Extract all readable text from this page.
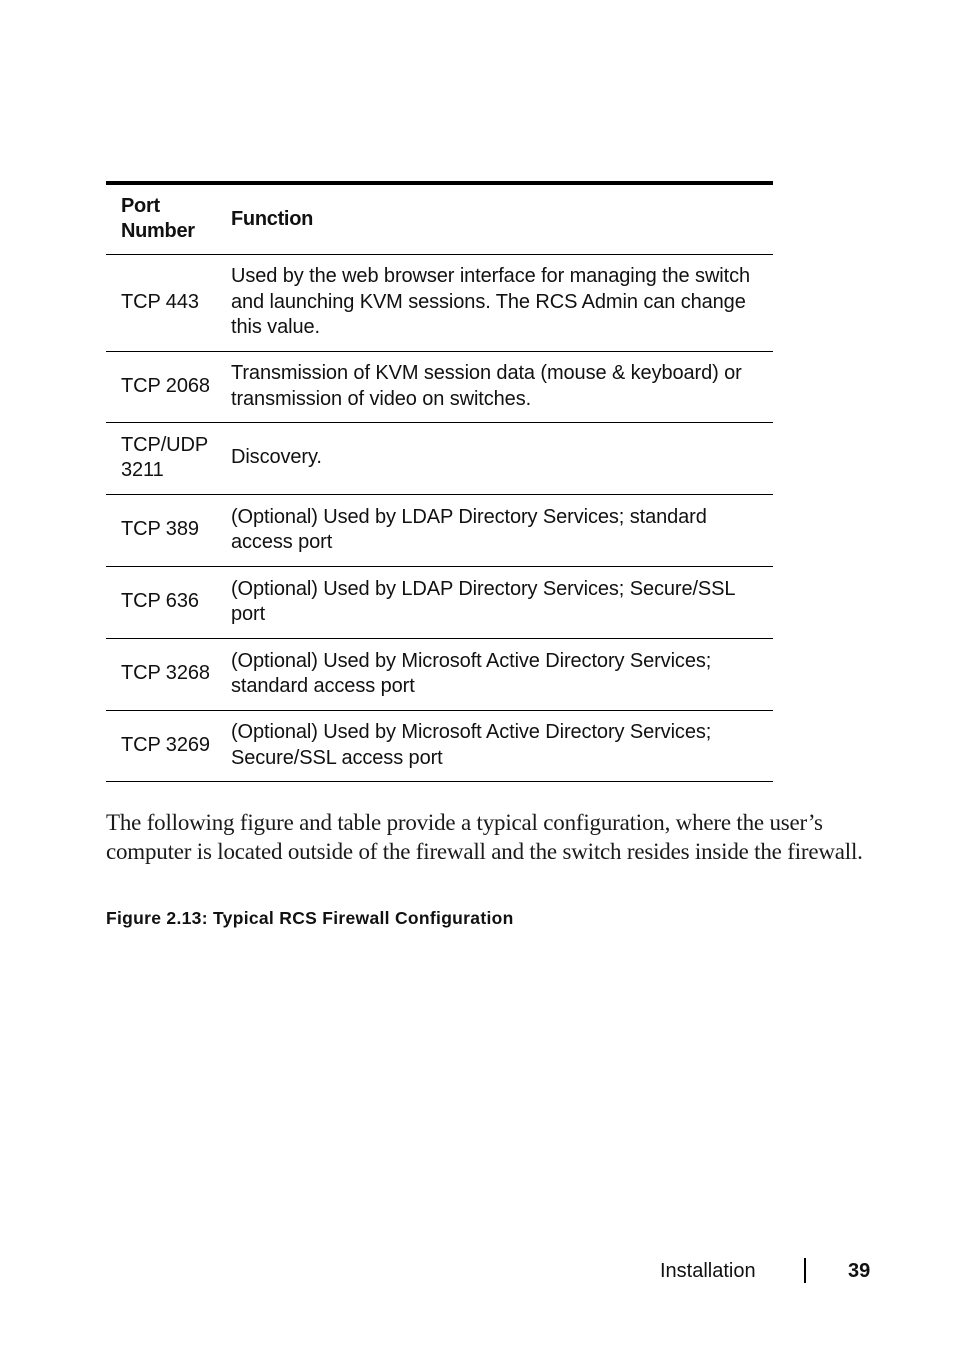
Port Number	Function
TCP 443	Used by the web browser interface for managing the switch and launching KVM sessions. The RCS Admin can change this value.
TCP 2068	Transmission of KVM session data (mouse & keyboard) or transmission of video on switches.
TCP/UDP 3211	Discovery.
TCP 389	(Optional) Used by LDAP Directory Services; standard access port
TCP 636	(Optional) Used by LDAP Directory Services; Secure/SSL port
TCP 3268	(Optional) Used by Microsoft Active Directory Services; standard access port
TCP 3269	(Optional) Used by Microsoft Active Directory Services; Secure/SSL access port

The following figure and table provide a typical configuration, where the user’s computer is located outside of the firewall and the switch resides inside the firewall.

Figure 2.13: Typical RCS Firewall Configuration

Installation	39
